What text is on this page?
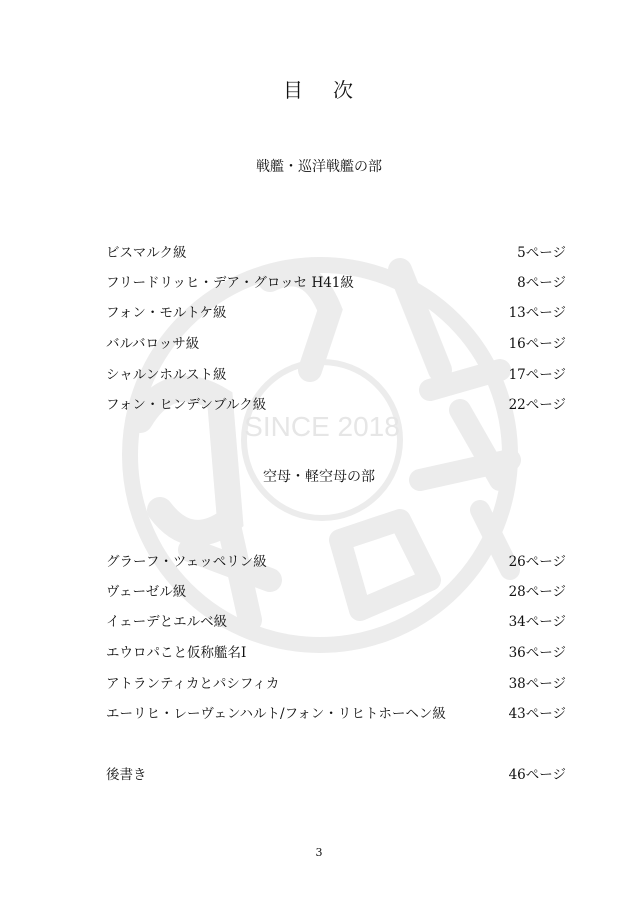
SINCE 2018
目 次
戦艦・巡洋戦艦の部
ビスマルク級	5ページ
フリードリッヒ・デア・グロッセ H41級	8ページ
フォン・モルトケ級	13ページ
バルバロッサ級	16ページ
シャルンホルスト級	17ページ
フォン・ヒンデンブルク級	22ページ
空母・軽空母の部
グラーフ・ツェッペリン級	26ページ
ヴェーゼル級	28ページ
イェーデとエルベ級	34ページ
エウロパこと仮称艦名I	36ページ
アトランティカとパシフィカ	38ページ
エーリヒ・レーヴェンハルト/フォン・リヒトホーヘン級	43ページ
後書き	46ページ
3
